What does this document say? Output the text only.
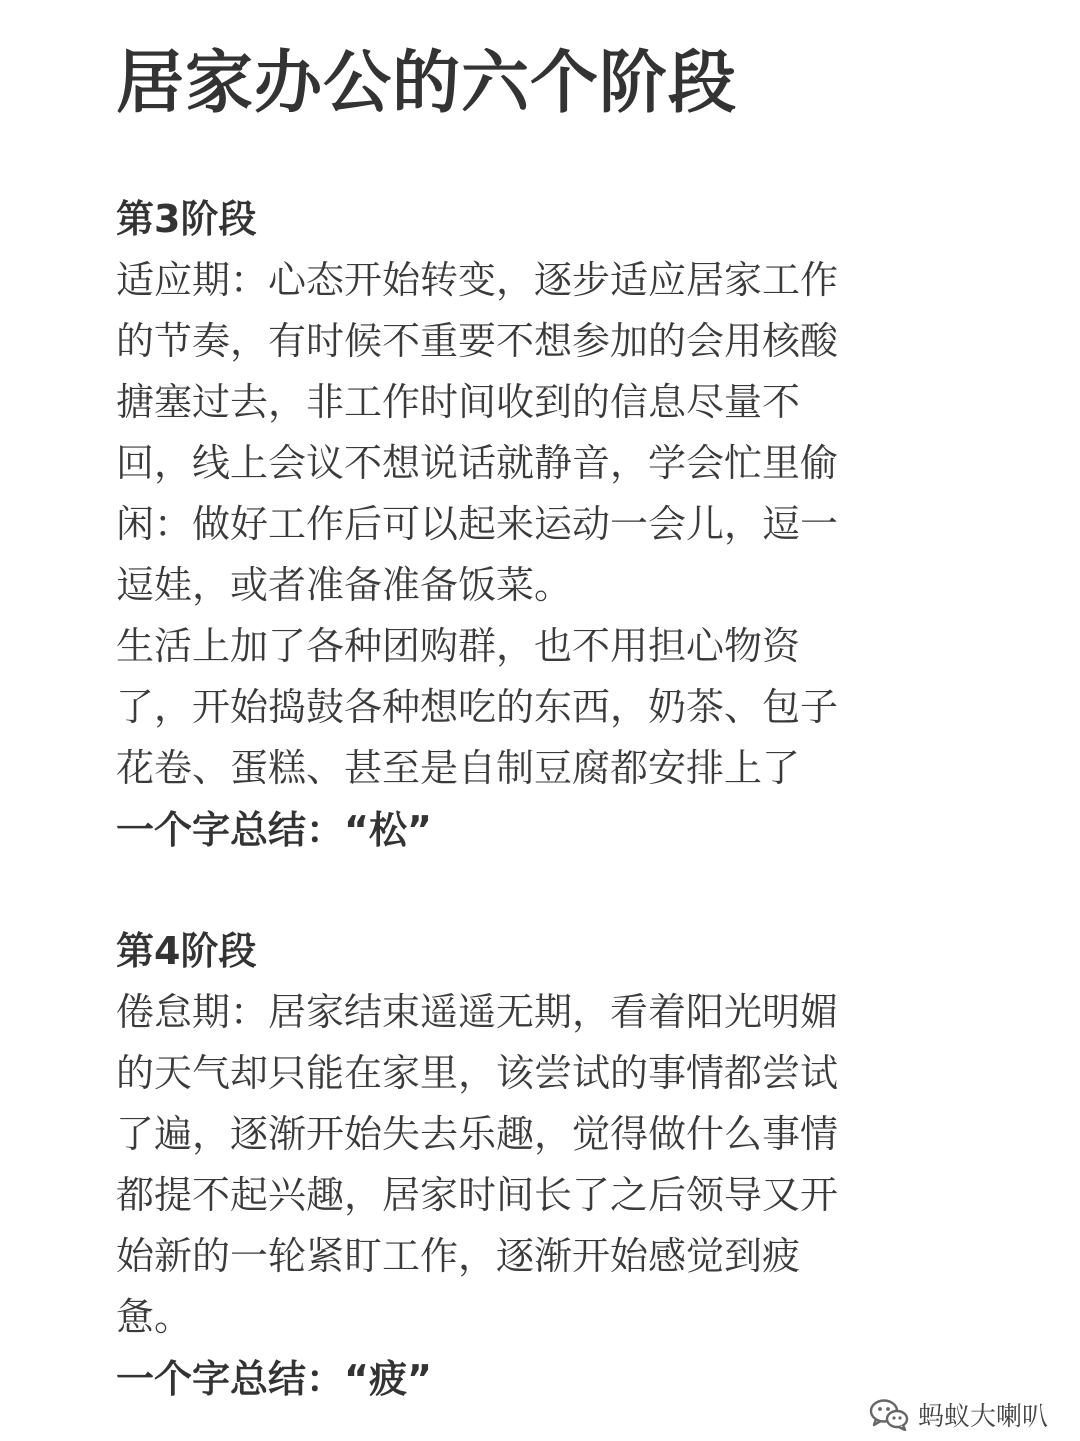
居家办公的六个阶段
第3阶段
适应期：心态开始转变，逐步适应居家工作
的节奏，有时候不重要不想参加的会用核酸
搪塞过去，非工作时间收到的信息尽量不
回，线上会议不想说话就静音，学会忙里偷
闲：做好工作后可以起来运动一会儿，逗一
逗娃，或者准备准备饭菜。
生活上加了各种团购群，也不用担心物资
了，开始捣鼓各种想吃的东西，奶茶、包子
花卷、蛋糕、甚至是自制豆腐都安排上了
一个字总结：“松”
第4阶段
倦怠期：居家结束遥遥无期，看着阳光明媚
的天气却只能在家里，该尝试的事情都尝试
了遍，逐渐开始失去乐趣，觉得做什么事情
都提不起兴趣，居家时间长了之后领导又开
始新的一轮紧盯工作，逐渐开始感觉到疲
惫。
一个字总结：“疲”
蚂蚁大喇叭
